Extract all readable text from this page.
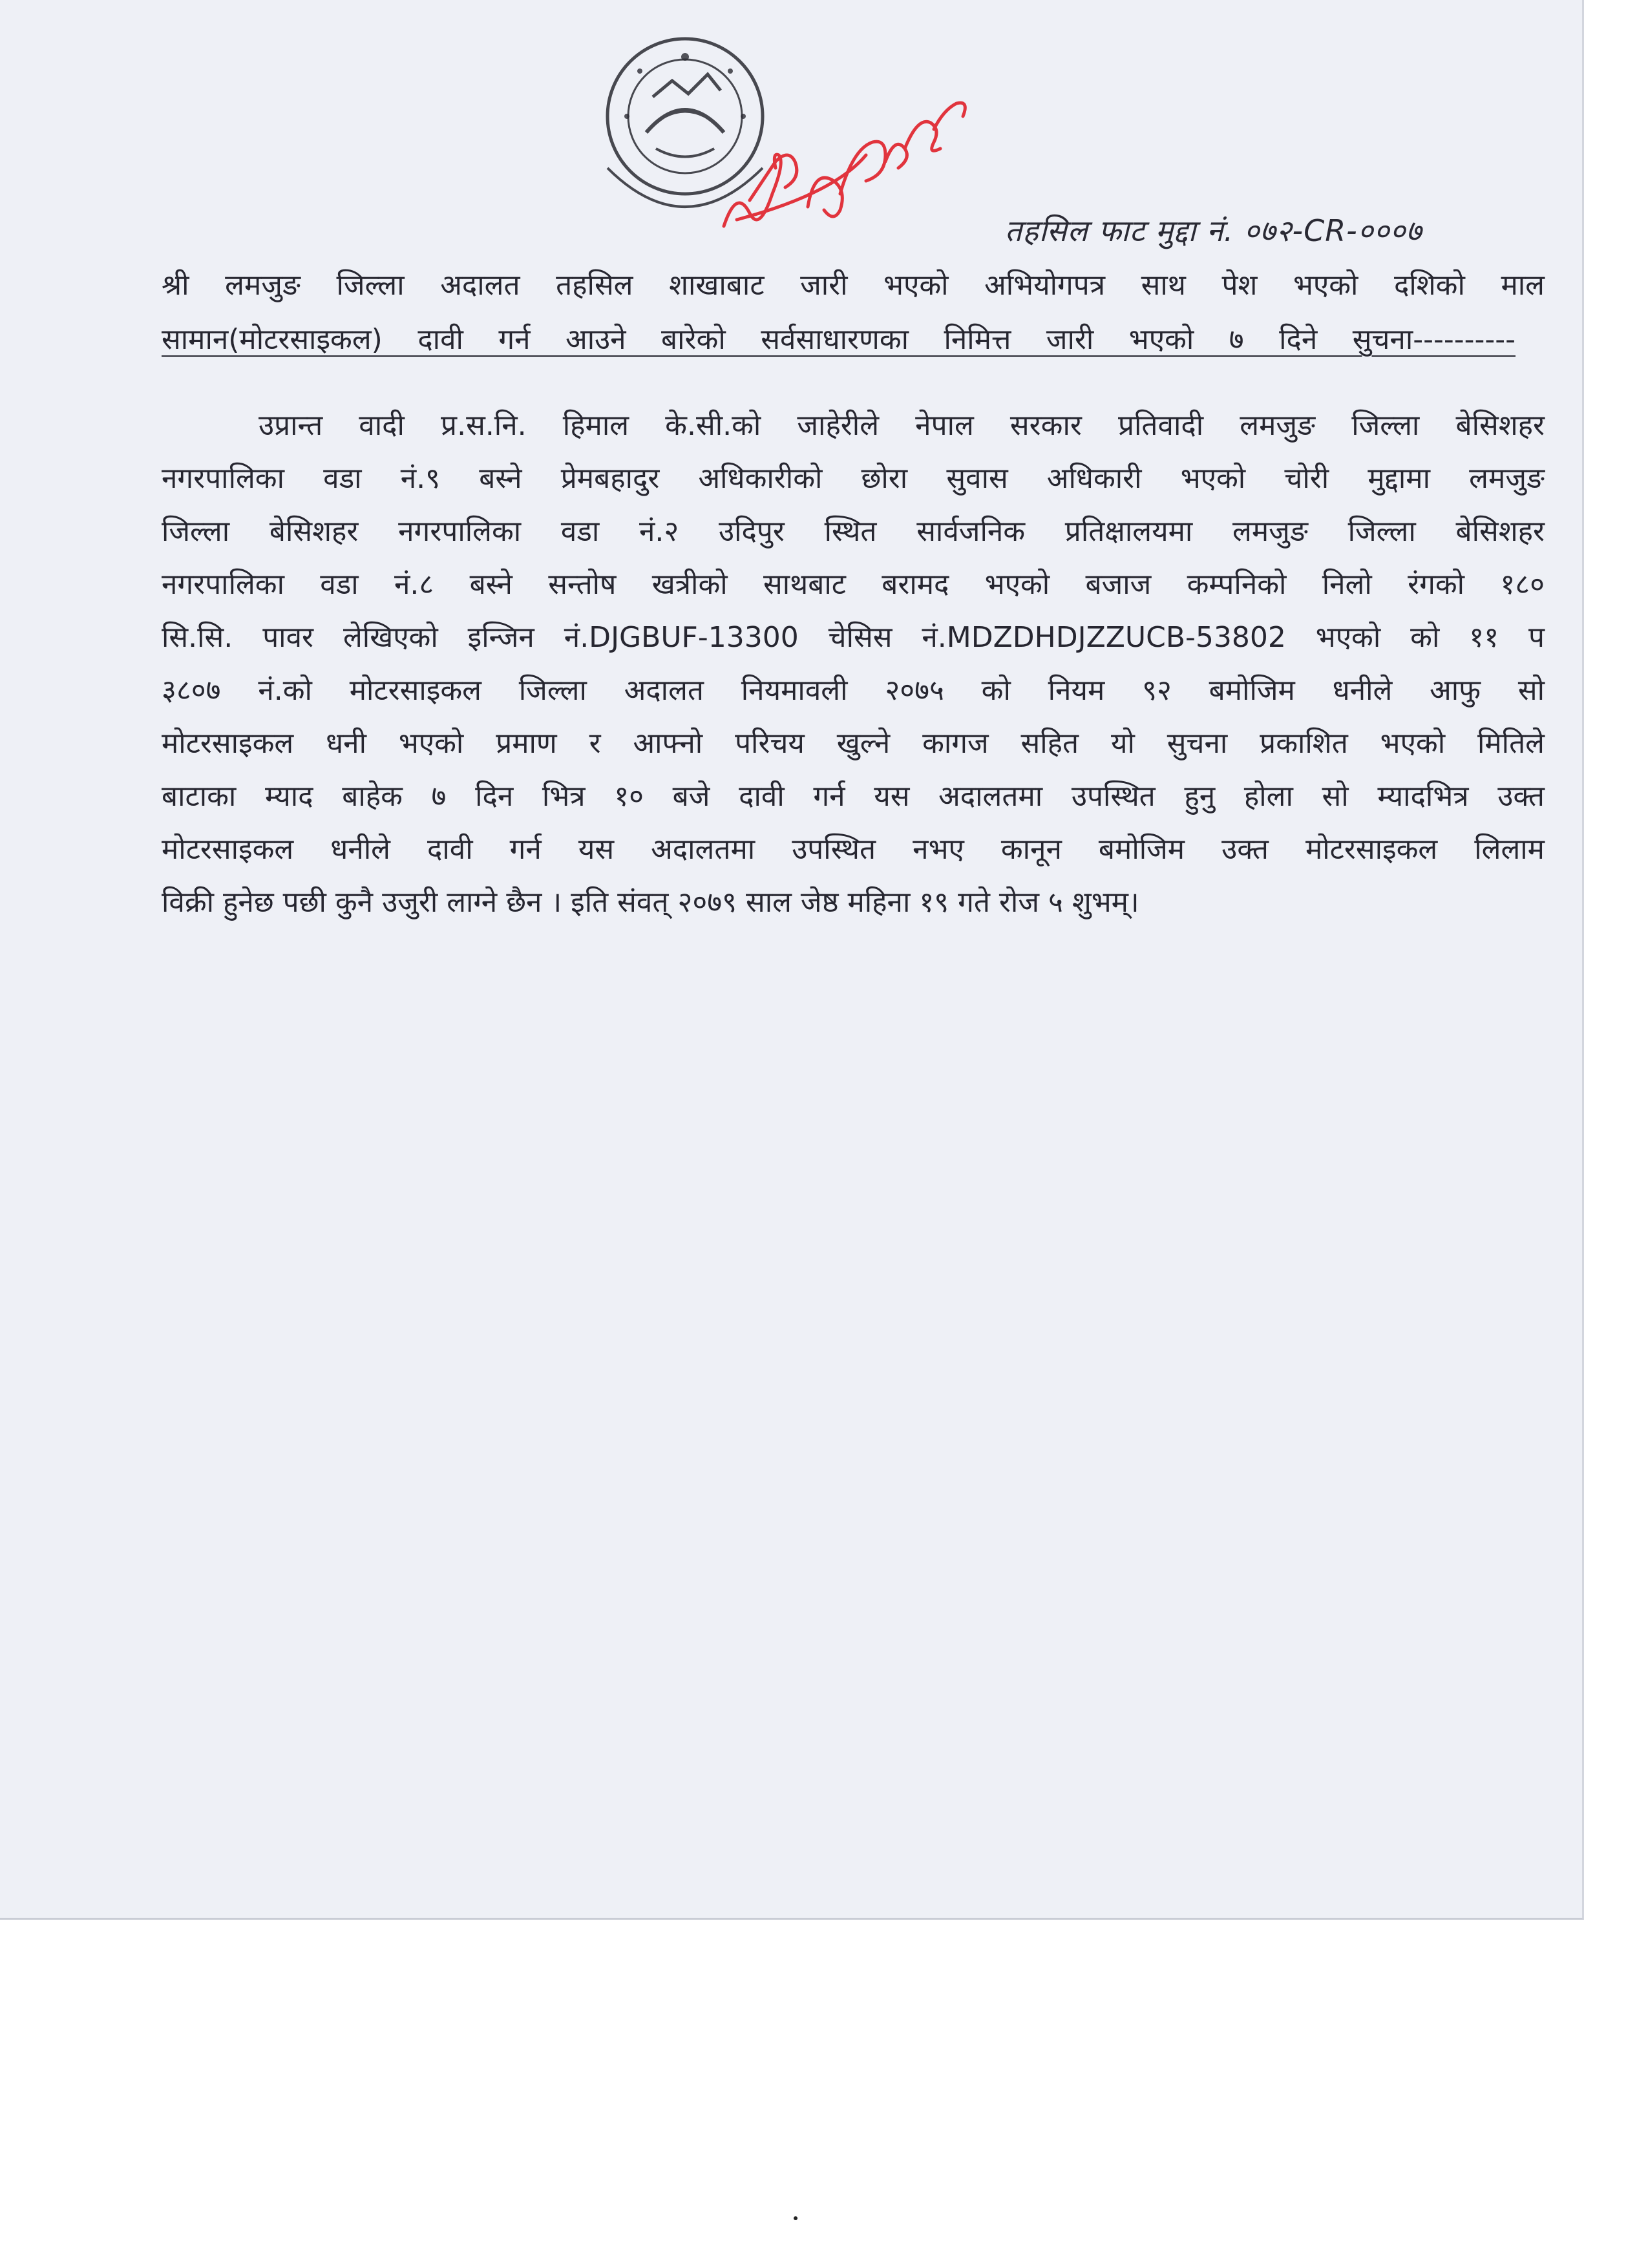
तहसिल फाट मुद्दा नं. ०७२-CR-०००७
श्री लमजुङ जिल्ला अदालत तहसिल शाखाबाट जारी भएको अभियोगपत्र साथ पेश भएको दशिको माल
सामान(मोटरसाइकल) दावी गर्न आउने बारेको सर्वसाधारणका निमित्त जारी भएको ७ दिने सुचना----------
उप्रान्त वादी प्र.स.नि. हिमाल के.सी.को जाहेरीले नेपाल सरकार प्रतिवादी लमजुङ जिल्ला बेसिशहर
नगरपालिका वडा नं.९ बस्ने प्रेमबहादुर अधिकारीको छोरा सुवास अधिकारी भएको चोरी मुद्दामा लमजुङ
जिल्ला बेसिशहर नगरपालिका वडा नं.२ उदिपुर स्थित सार्वजनिक प्रतिक्षालयमा लमजुङ जिल्ला बेसिशहर
नगरपालिका वडा नं.८ बस्ने सन्तोष खत्रीको साथबाट बरामद भएको बजाज कम्पनिको निलो रंगको १८०
सि.सि. पावर लेखिएको इन्जिन नं.DJGBUF-13300 चेसिस नं.MDZDHDJZZUCB-53802 भएको को ११ प
३८०७ नं.को मोटरसाइकल जिल्ला अदालत नियमावली २०७५ को नियम ९२ बमोजिम धनीले आफु सो
मोटरसाइकल धनी भएको प्रमाण र आफ्नो परिचय खुल्ने कागज सहित यो सुचना प्रकाशित भएको मितिले
बाटाका म्याद बाहेक ७ दिन भित्र १० बजे दावी गर्न यस अदालतमा उपस्थित हुनु होला सो म्यादभित्र उक्त
मोटरसाइकल धनीले दावी गर्न यस अदालतमा उपस्थित नभए कानून बमोजिम उक्त मोटरसाइकल लिलाम
विक्री हुनेछ पछी कुनै उजुरी लाग्ने छैन । इति संवत् २०७९ साल जेष्ठ महिना १९ गते रोज ५ शुभम्।
